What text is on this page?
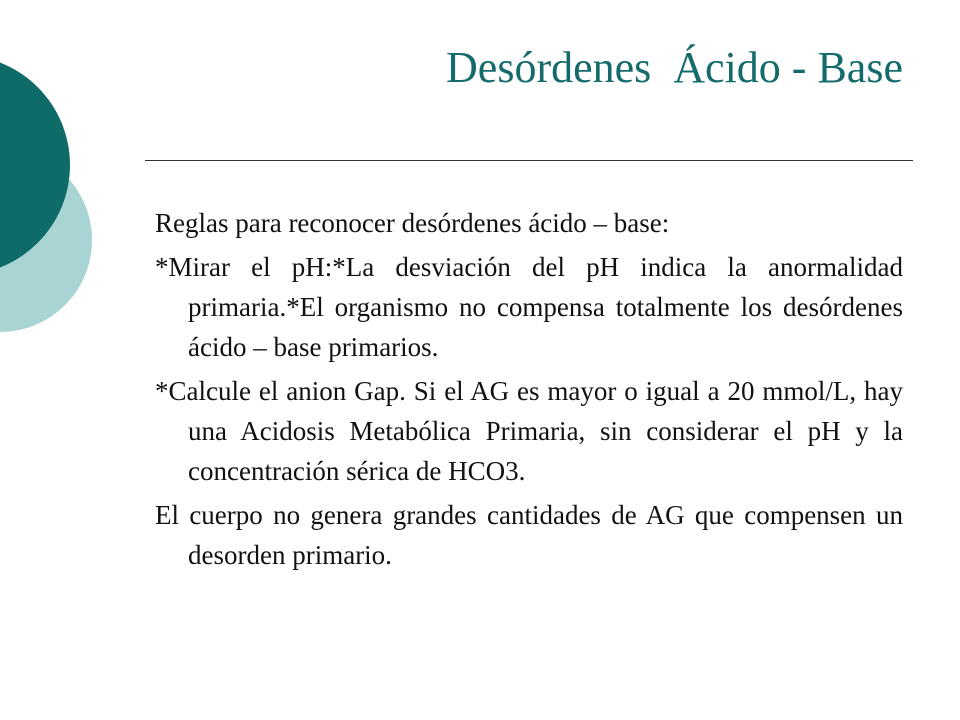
Desórdenes  Ácido - Base

Reglas para reconocer desórdenes ácido – base:

*Mirar el pH:*La desviación del pH indica la anormalidad primaria.*El organismo no compensa totalmente los desórdenes ácido – base primarios.

*Calcule el anion Gap. Si el AG es mayor o igual a 20 mmol/L, hay una Acidosis Metabólica Primaria, sin considerar el pH y la concentración sérica de HCO3.

El cuerpo no genera grandes cantidades de AG que compensen un desorden primario.
